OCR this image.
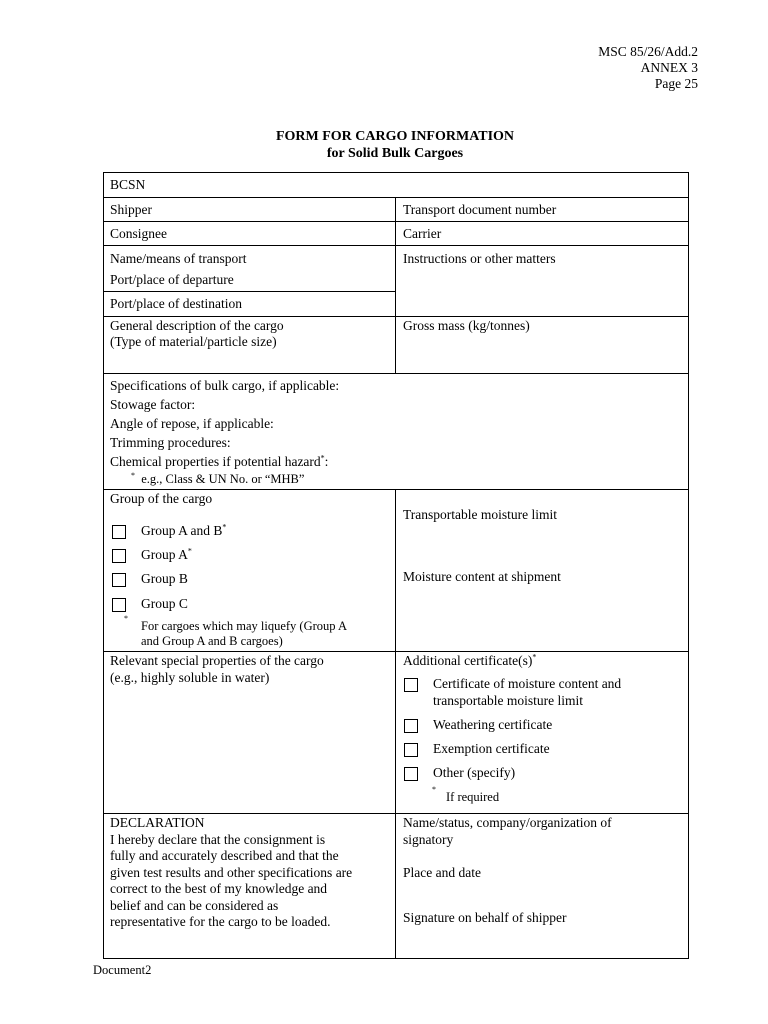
MSC 85/26/Add.2
ANNEX 3
Page 25
FORM FOR CARGO INFORMATION
for Solid Bulk Cargoes
BCSN
Shipper	Transport document number
Consignee	Carrier
Name/means of transport
Port/place of departure
Port/place of destination
Instructions or other matters
General description of the cargo
(Type of material/particle size)
Gross mass (kg/tonnes)
Specifications of bulk cargo, if applicable:
Stowage factor:
Angle of repose, if applicable:
Trimming procedures:
Chemical properties if potential hazard*:
* e.g., Class & UN No. or “MHB”
Group of the cargo
Group A and B*
Group A*
Group B
Group C
*
For cargoes which may liquefy (Group A
and Group A and B cargoes)
Transportable moisture limit
Moisture content at shipment
Relevant special properties of the cargo
(e.g., highly soluble in water)
Additional certificate(s)*
Certificate of moisture content and
transportable moisture limit
Weathering certificate
Exemption certificate
Other (specify)
*
If required
DECLARATION
I hereby declare that the consignment is
fully and accurately described and that the
given test results and other specifications are
correct to the best of my knowledge and
belief and can be considered as
representative for the cargo to be loaded.
Name/status, company/organization of
signatory
Place and date
Signature on behalf of shipper
Document2
